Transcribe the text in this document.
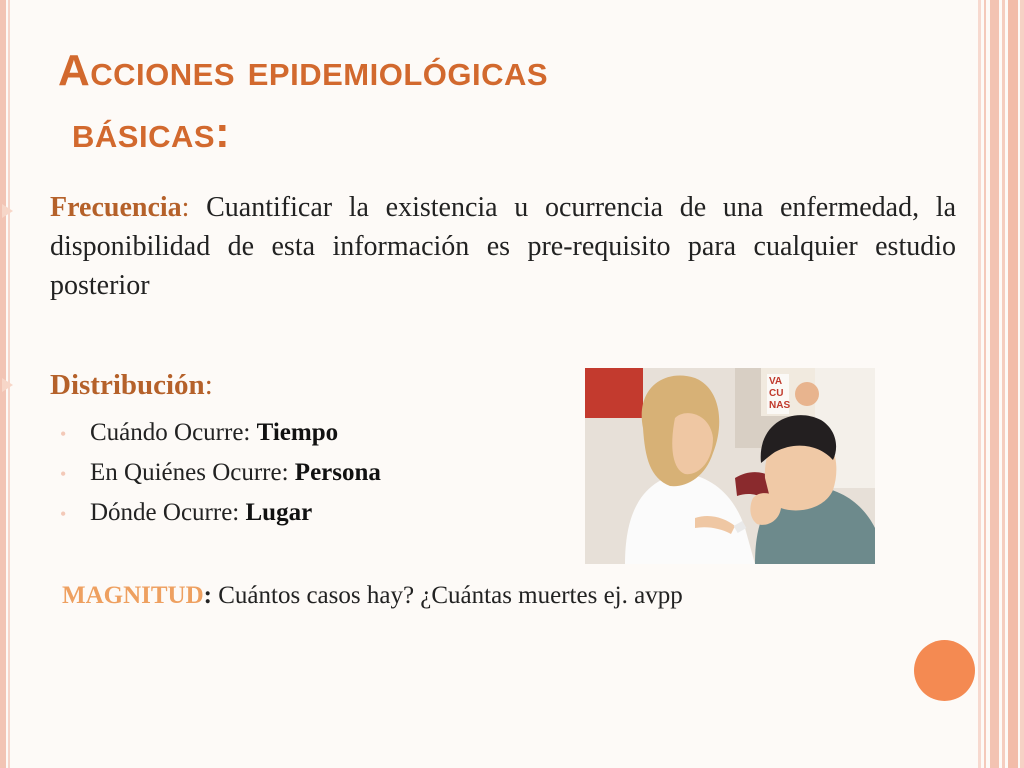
Acciones epidemiológicas
básicas:

Frecuencia: Cuantificar la existencia u ocurrencia de una enfermedad, la disponibilidad de esta información es pre-requisito para cualquier estudio posterior

Distribución:

• Cuándo Ocurre: Tiempo

• En Quiénes Ocurre: Persona

• Dónde Ocurre: Lugar

VA
CU
NAS

MAGNITUD: Cuántos casos hay? ¿Cuántas muertes ej. avpp
